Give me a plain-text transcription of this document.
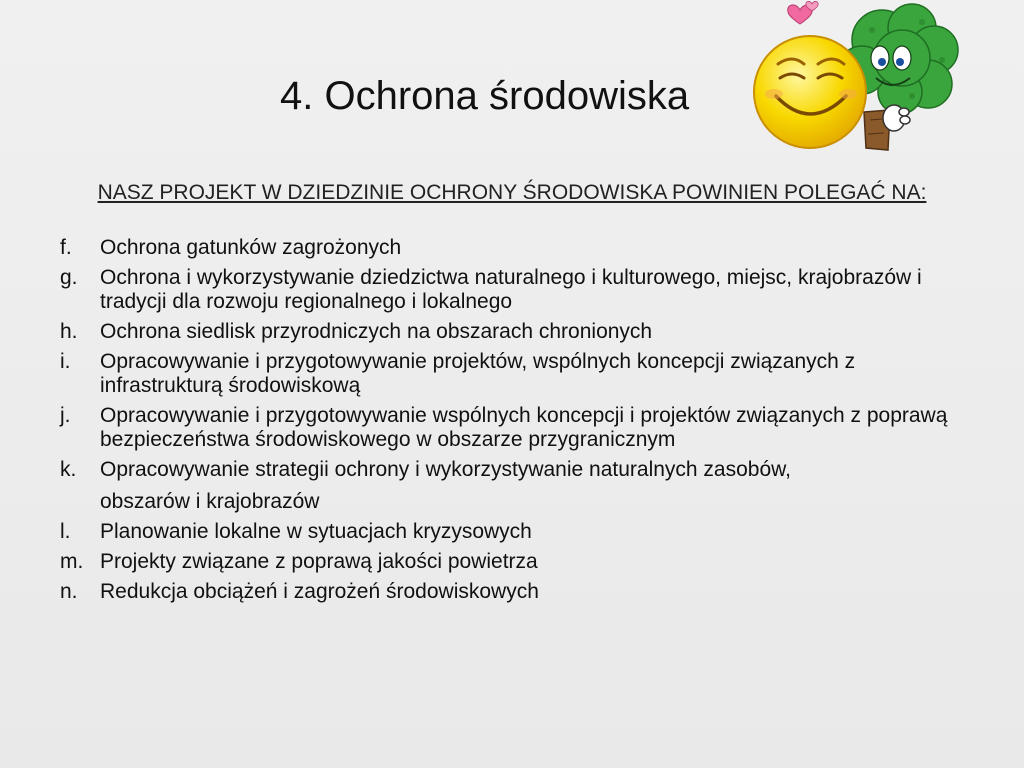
4. Ochrona środowiska
NASZ PROJEKT W DZIEDZINIE OCHRONY ŚRODOWISKA POWINIEN POLEGAĆ NA:
f.	Ochrona gatunków zagrożonych
g.	Ochrona i wykorzystywanie dziedzictwa naturalnego i kulturowego, miejsc, krajobrazów i tradycji dla rozwoju regionalnego i lokalnego
h.	Ochrona siedlisk przyrodniczych na obszarach chronionych
i.	Opracowywanie i przygotowywanie projektów, wspólnych koncepcji związanych z infrastrukturą środowiskową
j.	Opracowywanie i przygotowywanie wspólnych koncepcji i projektów związanych z poprawą bezpieczeństwa środowiskowego w obszarze przygranicznym
k.	Opracowywanie strategii ochrony i wykorzystywanie naturalnych zasobów,
obszarów i krajobrazów
l.	Planowanie lokalne w sytuacjach kryzysowych
m. Projekty związane z poprawą jakości powietrza
n.	Redukcja obciążeń i zagrożeń środowiskowych
